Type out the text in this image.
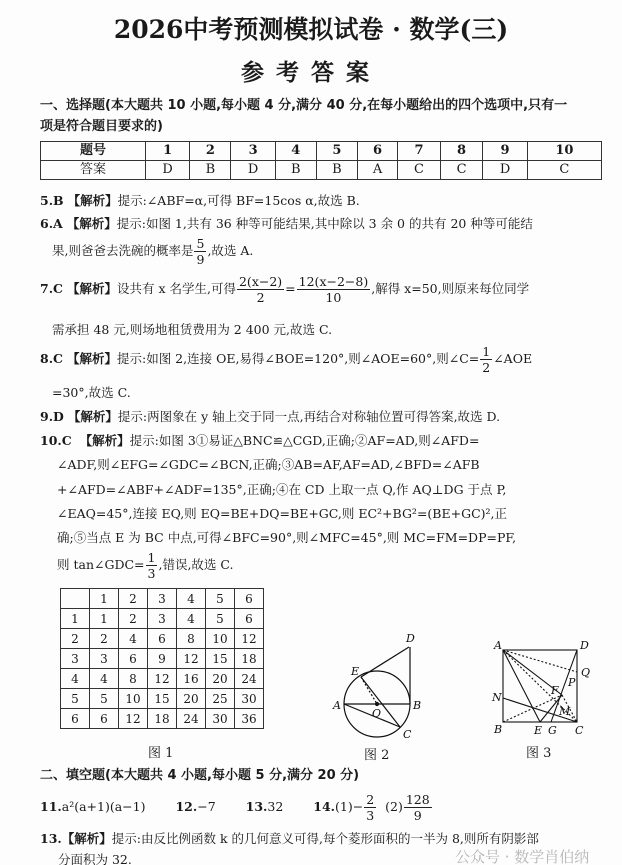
2026中考预测模拟试卷 · 数学(三)
参考答案
一、选择题(本大题共 10 小题,每小题 4 分,满分 40 分,在每小题给出的四个选项中,只有一
项是符合题目要求的)
题号	1	2	3	4	5	6	7	8	9	10
答案	D	B	D	B	B	A	C	C	D	C
5.B 【解析】提示:∠ABF=α,可得 BF=15cos α,故选 B.
6.A 【解析】提示:如图 1,共有 36 种等可能结果,其中除以 3 余 0 的共有 20 种等可能结
果,则爸爸去洗碗的概率是 $\frac{5}{9}$ ,故选 A.
7.C 【解析】设共有 x 名学生,可得 $\frac{2(x-2)}{2} = \frac{12(x-2-8)}{10}$ ,解得 x=50,则原来每位同学
需承担 48 元,则场地租赁费用为 2 400 元,故选 C.
8.C 【解析】提示:如图 2,连接 OE,易得∠BOE=120°,则∠AOE=60°,则∠C= $\frac{1}{2}$ ∠AOE
=30°,故选 C.
9.D 【解析】提示:两图象在 y 轴上交于同一点,再结合对称轴位置可得答案,故选 D.
10.C 【解析】提示:如图 3①易证△BNC≌△CGD,正确;②AF=AD,则∠AFD=
∠ADF,则∠EFG=∠GDC=∠BCN,正确;③AB=AF,AF=AD,∠BFD=∠AFB
+∠AFD=∠ABF+∠ADF=135°,正确;④在 CD 上取一点 Q,作 AQ⊥DG 于点 P,
∠EAQ=45°,连接 EQ,则 EQ=BE+DQ=BE+GC,则 EC²+BG²=(BE+GC)²,正
确;⑤当点 E 为 BC 中点,可得∠BFC=90°,则∠MFC=45°,则 MC=FM=DP=PF,
则 tan∠GDC= $\frac{1}{3}$ ,错误,故选 C.
	1	2	3	4	5	6
1	1	2	3	4	5	6
2	2	4	6	8	10	12
3	3	6	9	12	15	18
4	4	8	12	16	20	24
5	5	10	15	20	25	30
6	6	12	18	24	30	36
图 1
D
E
A	B
O
C
A	D
B	C
N
E G
F
P
Q
M
图 2	图 3
二、填空题(本大题共 4 小题,每小题 5 分,满分 20 分)
11.a²(a+1)(a−1) 12.−7 13.32 $14.(1)- \frac{2}{3} (2) \frac{128}{9}$
13.【解析】提示:由反比例函数 k 的几何意义可得,每个菱形面积的一半为 8,则所有阴影部
分面积为 32.	公众号 · 数学肖伯纳
